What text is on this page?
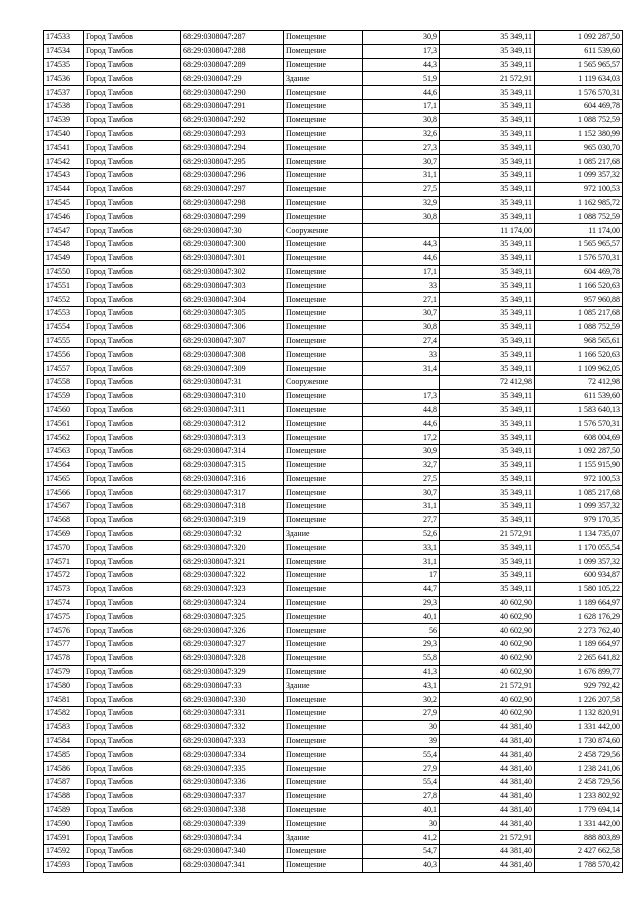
174533	Город Тамбов	68:29:0308047:287	Помещение	30,9	35 349,11	1 092 287,50
174534	Город Тамбов	68:29:0308047:288	Помещение	17,3	35 349,11	611 539,60
174535	Город Тамбов	68:29:0308047:289	Помещение	44,3	35 349,11	1 565 965,57
174536	Город Тамбов	68:29:0308047:29	Здание	51,9	21 572,91	1 119 634,03
174537	Город Тамбов	68:29:0308047:290	Помещение	44,6	35 349,11	1 576 570,31
174538	Город Тамбов	68:29:0308047:291	Помещение	17,1	35 349,11	604 469,78
174539	Город Тамбов	68:29:0308047:292	Помещение	30,8	35 349,11	1 088 752,59
174540	Город Тамбов	68:29:0308047:293	Помещение	32,6	35 349,11	1 152 380,99
174541	Город Тамбов	68:29:0308047:294	Помещение	27,3	35 349,11	965 030,70
174542	Город Тамбов	68:29:0308047:295	Помещение	30,7	35 349,11	1 085 217,68
174543	Город Тамбов	68:29:0308047:296	Помещение	31,1	35 349,11	1 099 357,32
174544	Город Тамбов	68:29:0308047:297	Помещение	27,5	35 349,11	972 100,53
174545	Город Тамбов	68:29:0308047:298	Помещение	32,9	35 349,11	1 162 985,72
174546	Город Тамбов	68:29:0308047:299	Помещение	30,8	35 349,11	1 088 752,59
174547	Город Тамбов	68:29:0308047:30	Сооружение		11 174,00	11 174,00
174548	Город Тамбов	68:29:0308047:300	Помещение	44,3	35 349,11	1 565 965,57
174549	Город Тамбов	68:29:0308047:301	Помещение	44,6	35 349,11	1 576 570,31
174550	Город Тамбов	68:29:0308047:302	Помещение	17,1	35 349,11	604 469,78
174551	Город Тамбов	68:29:0308047:303	Помещение	33	35 349,11	1 166 520,63
174552	Город Тамбов	68:29:0308047:304	Помещение	27,1	35 349,11	957 960,88
174553	Город Тамбов	68:29:0308047:305	Помещение	30,7	35 349,11	1 085 217,68
174554	Город Тамбов	68:29:0308047:306	Помещение	30,8	35 349,11	1 088 752,59
174555	Город Тамбов	68:29:0308047:307	Помещение	27,4	35 349,11	968 565,61
174556	Город Тамбов	68:29:0308047:308	Помещение	33	35 349,11	1 166 520,63
174557	Город Тамбов	68:29:0308047:309	Помещение	31,4	35 349,11	1 109 962,05
174558	Город Тамбов	68:29:0308047:31	Сооружение		72 412,98	72 412,98
174559	Город Тамбов	68:29:0308047:310	Помещение	17,3	35 349,11	611 539,60
174560	Город Тамбов	68:29:0308047:311	Помещение	44,8	35 349,11	1 583 640,13
174561	Город Тамбов	68:29:0308047:312	Помещение	44,6	35 349,11	1 576 570,31
174562	Город Тамбов	68:29:0308047:313	Помещение	17,2	35 349,11	608 004,69
174563	Город Тамбов	68:29:0308047:314	Помещение	30,9	35 349,11	1 092 287,50
174564	Город Тамбов	68:29:0308047:315	Помещение	32,7	35 349,11	1 155 915,90
174565	Город Тамбов	68:29:0308047:316	Помещение	27,5	35 349,11	972 100,53
174566	Город Тамбов	68:29:0308047:317	Помещение	30,7	35 349,11	1 085 217,68
174567	Город Тамбов	68:29:0308047:318	Помещение	31,1	35 349,11	1 099 357,32
174568	Город Тамбов	68:29:0308047:319	Помещение	27,7	35 349,11	979 170,35
174569	Город Тамбов	68:29:0308047:32	Здание	52,6	21 572,91	1 134 735,07
174570	Город Тамбов	68:29:0308047:320	Помещение	33,1	35 349,11	1 170 055,54
174571	Город Тамбов	68:29:0308047:321	Помещение	31,1	35 349,11	1 099 357,32
174572	Город Тамбов	68:29:0308047:322	Помещение	17	35 349,11	600 934,87
174573	Город Тамбов	68:29:0308047:323	Помещение	44,7	35 349,11	1 580 105,22
174574	Город Тамбов	68:29:0308047:324	Помещение	29,3	40 602,90	1 189 664,97
174575	Город Тамбов	68:29:0308047:325	Помещение	40,1	40 602,90	1 628 176,29
174576	Город Тамбов	68:29:0308047:326	Помещение	56	40 602,90	2 273 762,40
174577	Город Тамбов	68:29:0308047:327	Помещение	29,3	40 602,90	1 189 664,97
174578	Город Тамбов	68:29:0308047:328	Помещение	55,8	40 602,90	2 265 641,82
174579	Город Тамбов	68:29:0308047:329	Помещение	41,3	40 602,90	1 676 899,77
174580	Город Тамбов	68:29:0308047:33	Здание	43,1	21 572,91	929 792,42
174581	Город Тамбов	68:29:0308047:330	Помещение	30,2	40 602,90	1 226 207,58
174582	Город Тамбов	68:29:0308047:331	Помещение	27,9	40 602,90	1 132 820,91
174583	Город Тамбов	68:29:0308047:332	Помещение	30	44 381,40	1 331 442,00
174584	Город Тамбов	68:29:0308047:333	Помещение	39	44 381,40	1 730 874,60
174585	Город Тамбов	68:29:0308047:334	Помещение	55,4	44 381,40	2 458 729,56
174586	Город Тамбов	68:29:0308047:335	Помещение	27,9	44 381,40	1 238 241,06
174587	Город Тамбов	68:29:0308047:336	Помещение	55,4	44 381,40	2 458 729,56
174588	Город Тамбов	68:29:0308047:337	Помещение	27,8	44 381,40	1 233 802,92
174589	Город Тамбов	68:29:0308047:338	Помещение	40,1	44 381,40	1 779 694,14
174590	Город Тамбов	68:29:0308047:339	Помещение	30	44 381,40	1 331 442,00
174591	Город Тамбов	68:29:0308047:34	Здание	41,2	21 572,91	888 803,89
174592	Город Тамбов	68:29:0308047:340	Помещение	54,7	44 381,40	2 427 662,58
174593	Город Тамбов	68:29:0308047:341	Помещение	40,3	44 381,40	1 788 570,42
